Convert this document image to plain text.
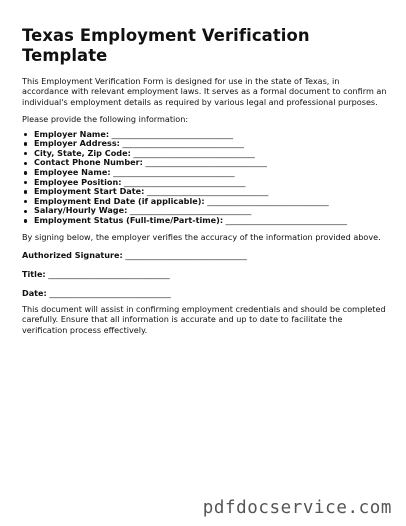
Texas Employment Verification Template

This Employment Verification Form is designed for use in the state of Texas, in accordance with relevant employment laws. It serves as a formal document to confirm an individual's employment details as required by various legal and professional purposes.

Please provide the following information:

Employer Name: ______________________________
Employer Address: ______________________________
City, State, Zip Code: ______________________________
Contact Phone Number: ______________________________
Employee Name: ______________________________
Employee Position: ______________________________
Employment Start Date: ______________________________
Employment End Date (if applicable): ______________________________
Salary/Hourly Wage: ______________________________
Employment Status (Full-time/Part-time): ______________________________

By signing below, the employer verifies the accuracy of the information provided above.

Authorized Signature: ______________________________
Title: ______________________________
Date: ______________________________

This document will assist in confirming employment credentials and should be completed carefully. Ensure that all information is accurate and up to date to facilitate the verification process effectively.

pdfdocservice.com
